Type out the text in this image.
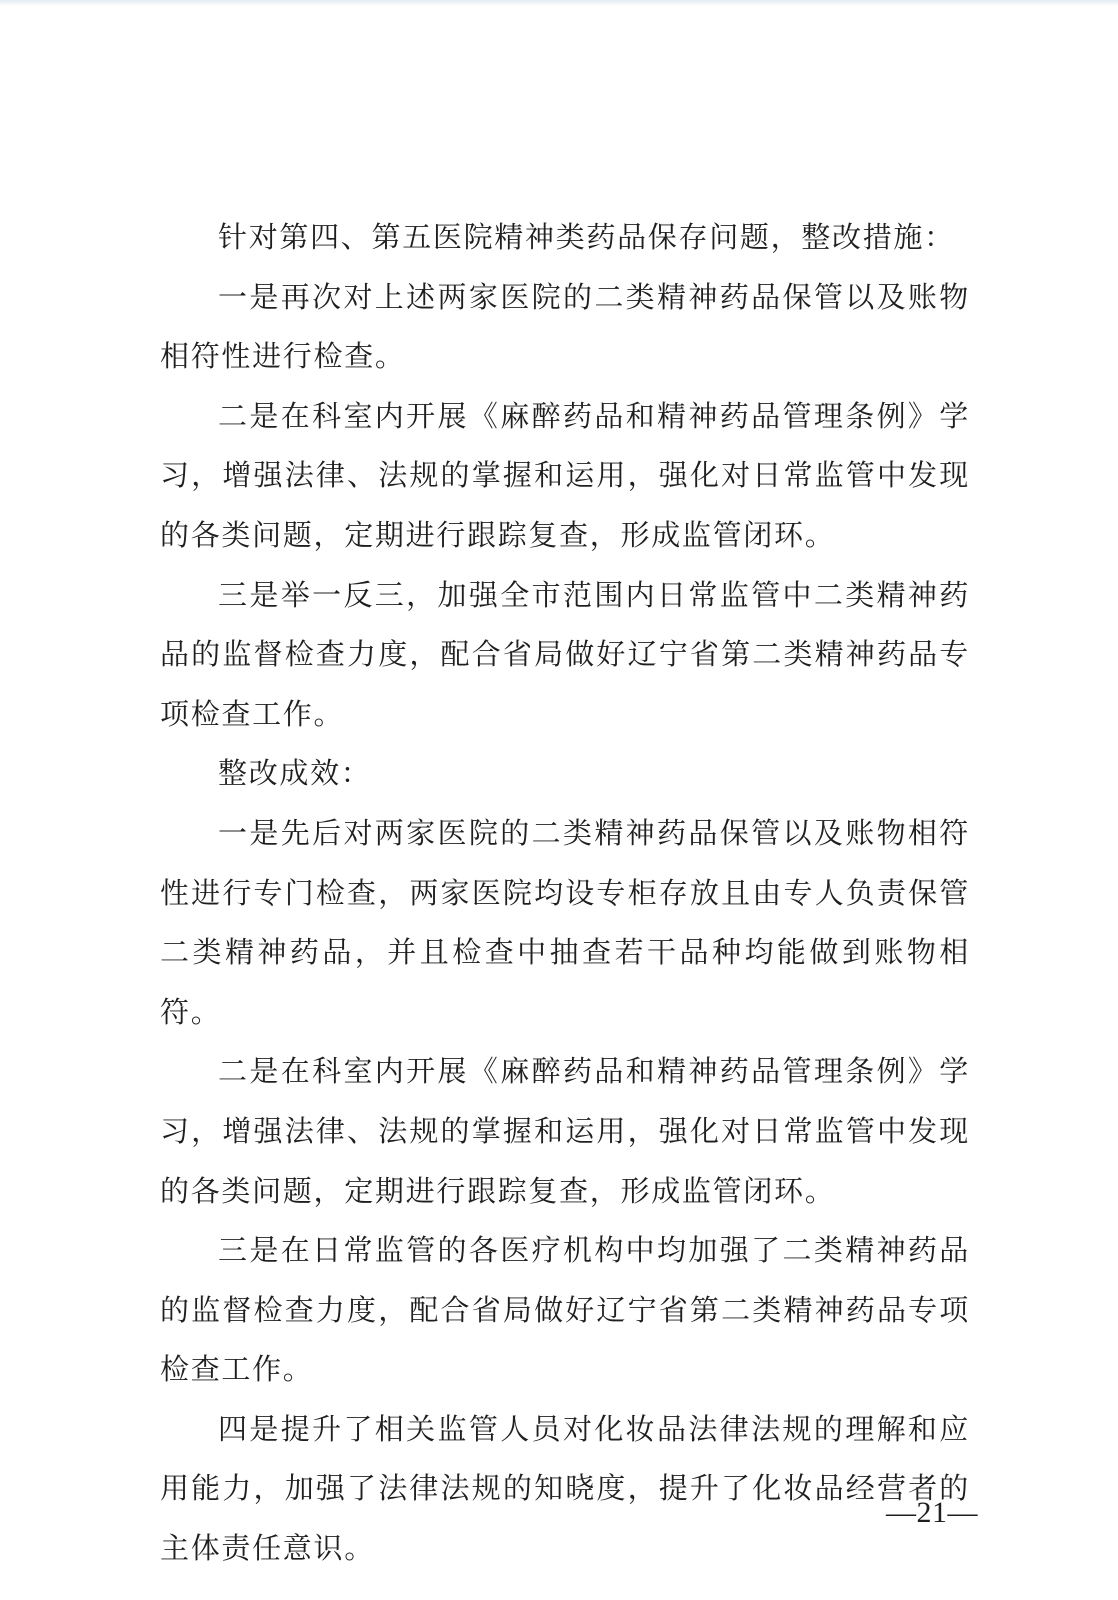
针对第四、第五医院精神类药品保存问题，整改措施：

一是再次对上述两家医院的二类精神药品保管以及账物相符性进行检查。

二是在科室内开展《麻醉药品和精神药品管理条例》学习，增强法律、法规的掌握和运用，强化对日常监管中发现的各类问题，定期进行跟踪复查，形成监管闭环。

三是举一反三，加强全市范围内日常监管中二类精神药品的监督检查力度，配合省局做好辽宁省第二类精神药品专项检查工作。

整改成效：

一是先后对两家医院的二类精神药品保管以及账物相符性进行专门检查，两家医院均设专柜存放且由专人负责保管二类精神药品，并且检查中抽查若干品种均能做到账物相符。

二是在科室内开展《麻醉药品和精神药品管理条例》学习，增强法律、法规的掌握和运用，强化对日常监管中发现的各类问题，定期进行跟踪复查，形成监管闭环。

三是在日常监管的各医疗机构中均加强了二类精神药品的监督检查力度，配合省局做好辽宁省第二类精神药品专项检查工作。

四是提升了相关监管人员对化妆品法律法规的理解和应用能力，加强了法律法规的知晓度，提升了化妆品经营者的主体责任意识。

—21—
